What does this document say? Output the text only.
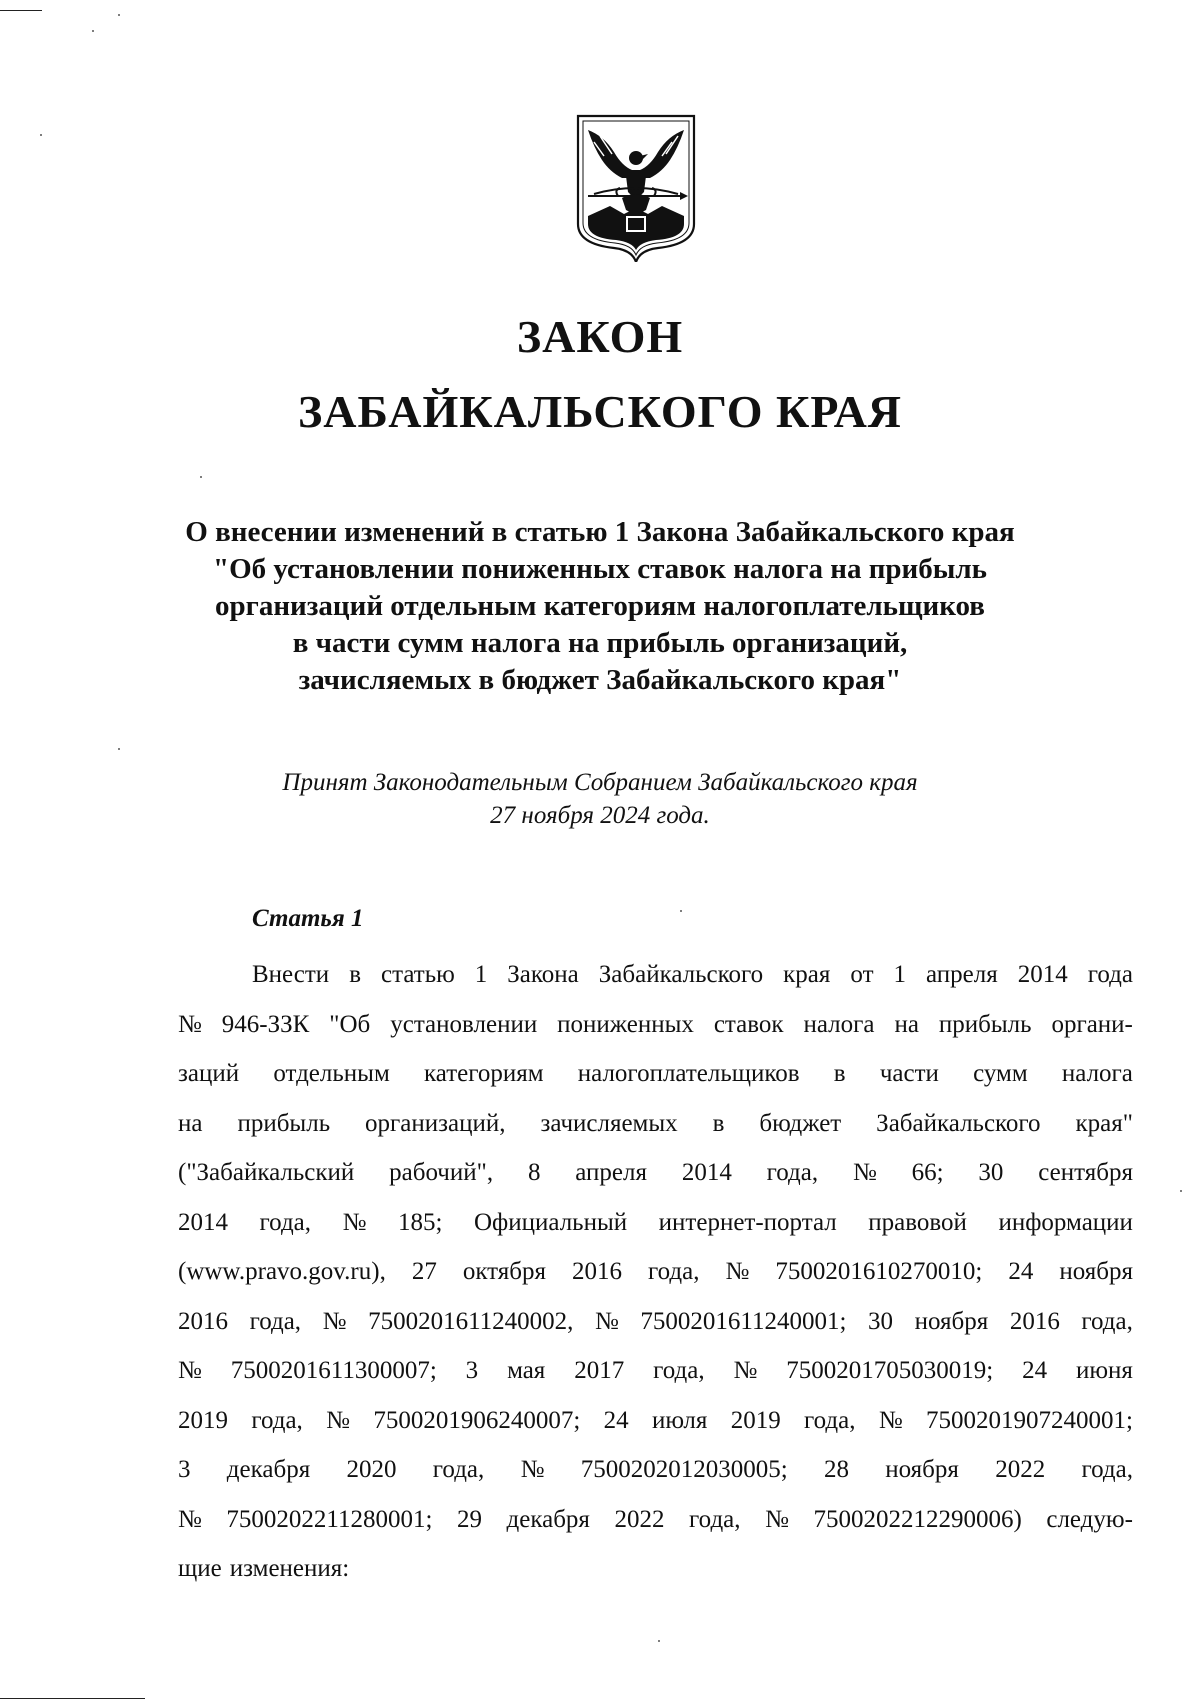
ЗАКОН
ЗАБАЙКАЛЬСКОГО КРАЯ
О внесении изменений в статью 1 Закона Забайкальского края
"Об установлении пониженных ставок налога на прибыль
организаций отдельным категориям налогоплательщиков
в части сумм налога на прибыль организаций,
зачисляемых в бюджет Забайкальского края"
Принят Законодательным Собранием Забайкальского края
27 ноября 2024 года.
Статья 1
Внести в статью 1 Закона Забайкальского края от 1 апреля 2014 года
№ 946-ЗЗК "Об установлении пониженных ставок налога на прибыль органи-
заций отдельным категориям налогоплательщиков в части сумм налога
на прибыль организаций, зачисляемых в бюджет Забайкальского края"
("Забайкальский рабочий", 8 апреля 2014 года, № 66; 30 сентября
2014 года, № 185; Официальный интернет-портал правовой информации
(www.pravo.gov.ru), 27 октября 2016 года, № 7500201610270010; 24 ноября
2016 года, № 7500201611240002, № 7500201611240001; 30 ноября 2016 года,
№ 7500201611300007; 3 мая 2017 года, № 7500201705030019; 24 июня
2019 года, № 7500201906240007; 24 июля 2019 года, № 7500201907240001;
3 декабря 2020 года, № 7500202012030005; 28 ноября 2022 года,
№ 7500202211280001; 29 декабря 2022 года, № 7500202212290006) следую-
щие изменения:
